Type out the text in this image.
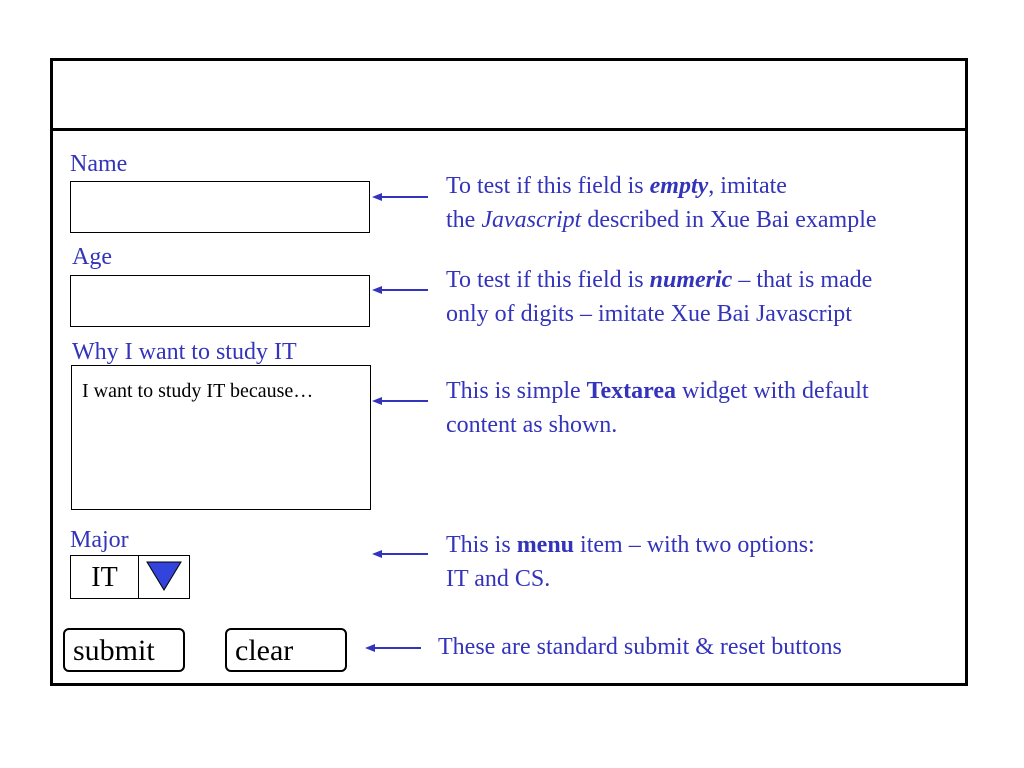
Name
Age
Why I want to study IT
I want to study IT because…
Major
IT
submit	clear
To test if this field is empty, imitate
the Javascript described in Xue Bai example
To test if this field is numeric – that is made
only of digits – imitate Xue Bai Javascript
This is simple Textarea widget with default
content as shown.
This is menu item – with two options:
IT and CS.
These are standard submit & reset buttons
